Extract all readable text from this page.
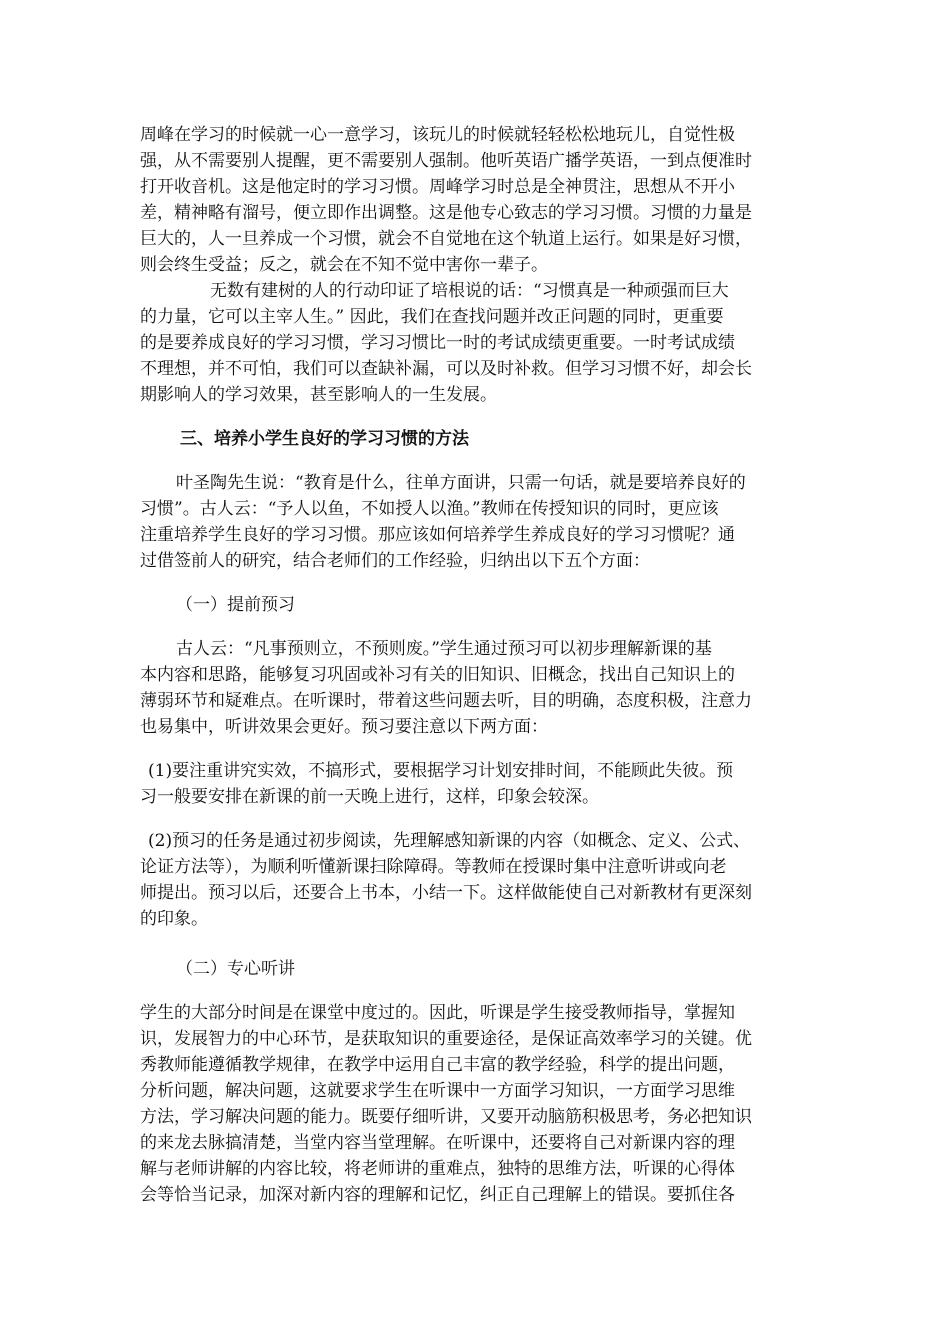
周峰在学习的时候就一心一意学习，该玩儿的时候就轻轻松松地玩儿，自觉性极
强，从不需要别人提醒，更不需要别人强制。他听英语广播学英语，一到点便准时
打开收音机。这是他定时的学习习惯。周峰学习时总是全神贯注，思想从不开小
差，精神略有溜号，便立即作出调整。这是他专心致志的学习习惯。习惯的力量是
巨大的，人一旦养成一个习惯，就会不自觉地在这个轨道上运行。如果是好习惯，
则会终生受益；反之，就会在不知不觉中害你一辈子。
无数有建树的人的行动印证了培根说的话：“习惯真是一种顽强而巨大
的力量，它可以主宰人生。” 因此，我们在查找问题并改正问题的同时，更重要
的是要养成良好的学习习惯，学习习惯比一时的考试成绩更重要。一时考试成绩
不理想，并不可怕，我们可以查缺补漏，可以及时补救。但学习习惯不好，却会长
期影响人的学习效果，甚至影响人的一生发展。
三、培养小学生良好的学习习惯的方法
叶圣陶先生说：“教育是什么，往单方面讲，只需一句话，就是要培养良好的
习惯”。古人云：“予人以鱼，不如授人以渔。”教师在传授知识的同时，更应该
注重培养学生良好的学习习惯。那应该如何培养学生养成良好的学习习惯呢？通
过借签前人的研究，结合老师们的工作经验，归纳出以下五个方面：
（一）提前预习
古人云：“凡事预则立，不预则废。”学生通过预习可以初步理解新课的基
本内容和思路，能够复习巩固或补习有关的旧知识、旧概念，找出自己知识上的
薄弱环节和疑难点。在听课时，带着这些问题去听，目的明确，态度积极，注意力
也易集中，听讲效果会更好。预习要注意以下两方面：
(1)要注重讲究实效，不搞形式，要根据学习计划安排时间，不能顾此失彼。预
习一般要安排在新课的前一天晚上进行，这样，印象会较深。
(2)预习的任务是通过初步阅读，先理解感知新课的内容（如概念、定义、公式、
论证方法等），为顺利听懂新课扫除障碍。等教师在授课时集中注意听讲或向老
师提出。预习以后，还要合上书本，小结一下。这样做能使自己对新教材有更深刻
的印象。
（二）专心听讲
学生的大部分时间是在课堂中度过的。因此，听课是学生接受教师指导，掌握知
识，发展智力的中心环节，是获取知识的重要途径，是保证高效率学习的关键。优
秀教师能遵循教学规律，在教学中运用自己丰富的教学经验，科学的提出问题，
分析问题，解决问题，这就要求学生在听课中一方面学习知识，一方面学习思维
方法，学习解决问题的能力。既要仔细听讲，又要开动脑筋积极思考，务必把知识
的来龙去脉搞清楚，当堂内容当堂理解。在听课中，还要将自己对新课内容的理
解与老师讲解的内容比较，将老师讲的重难点，独特的思维方法，听课的心得体
会等恰当记录，加深对新内容的理解和记忆，纠正自己理解上的错误。要抓住各
